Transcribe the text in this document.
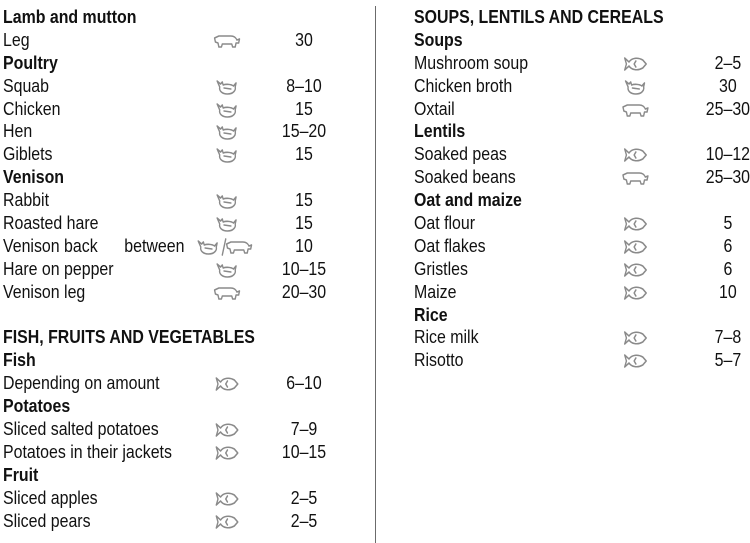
Lamb and mutton
Leg	30
Poultry
Squab	8–10
Chicken	15
Hen	15–20
Giblets	15
Venison
Rabbit	15
Roasted hare	15
Venison back between	10
Hare on pepper	10–15
Venison leg	20–30
FISH, FRUITS AND VEGETABLES
Fish
Depending on amount	6–10
Potatoes
Sliced salted potatoes	7–9
Potatoes in their jackets	10–15
Fruit
Sliced apples	2–5
Sliced pears	2–5
SOUPS, LENTILS AND CEREALS
Soups
Mushroom soup	2–5
Chicken broth	30
Oxtail	25–30
Lentils
Soaked peas	10–12
Soaked beans	25–30
Oat and maize
Oat flour	5
Oat flakes	6
Gristles	6
Maize	10
Rice
Rice milk	7–8
Risotto	5–7
